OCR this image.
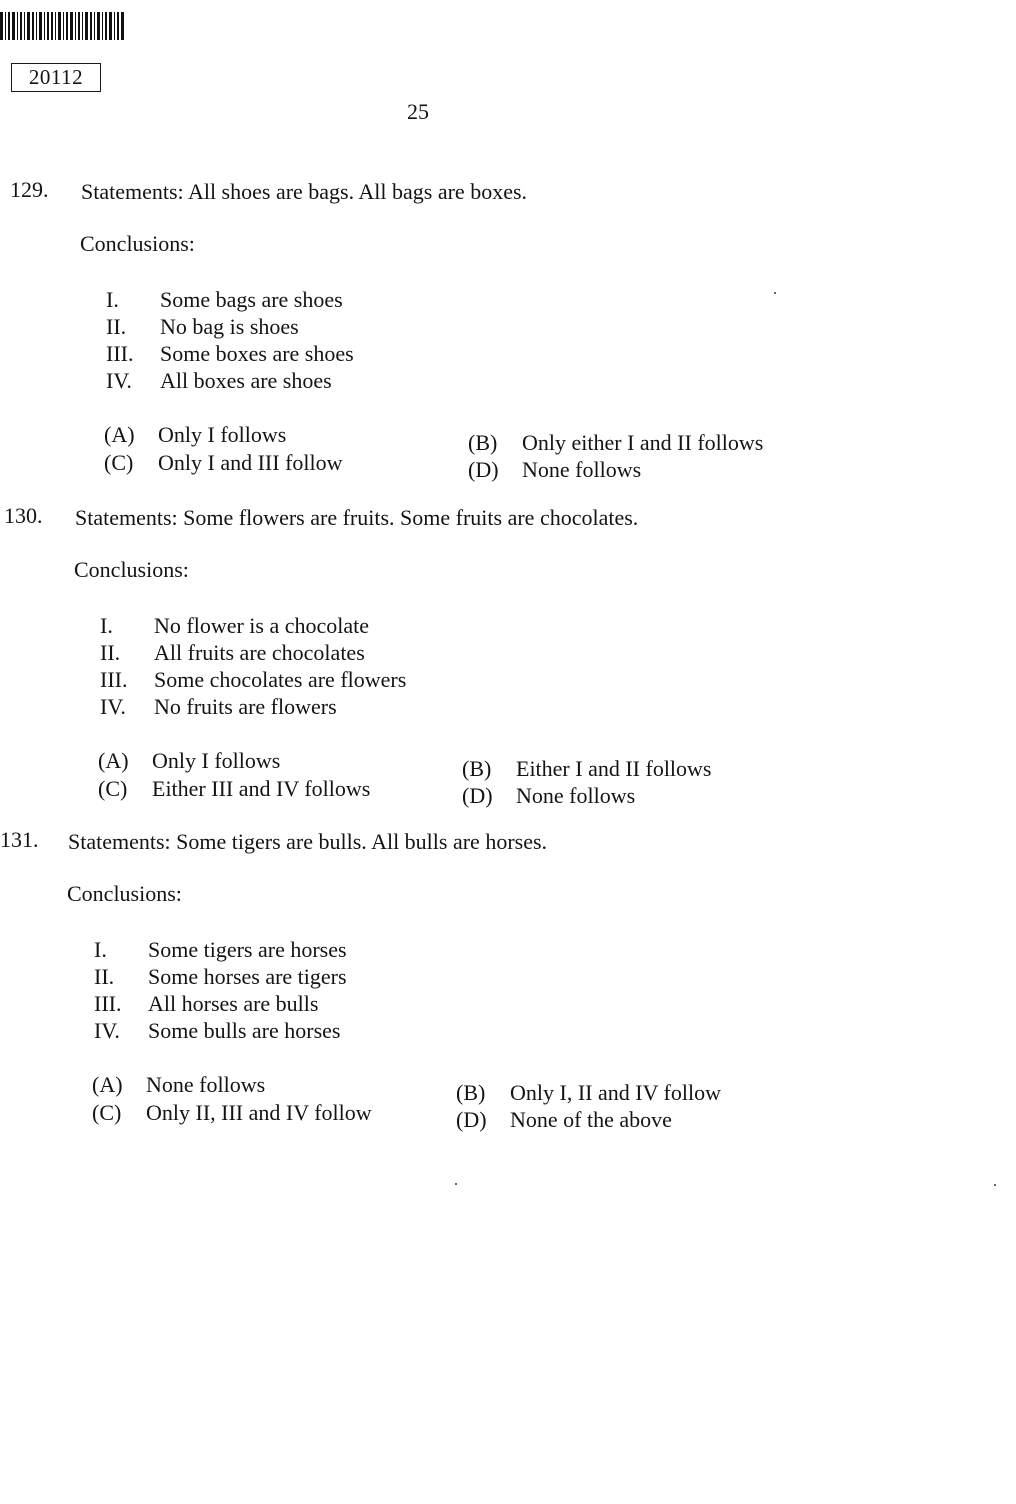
20112
25
129. Statements: All shoes are bags. All bags are boxes.
Conclusions:
I. Some bags are shoes
II. No bag is shoes
III. Some boxes are shoes
IV. All boxes are shoes
(A) Only I follows	(B) Only either I and II follows
(C) Only I and III follow	(D) None follows
130. Statements: Some flowers are fruits. Some fruits are chocolates.
Conclusions:
I. No flower is a chocolate
II. All fruits are chocolates
III. Some chocolates are flowers
IV. No fruits are flowers
(A) Only I follows	(B) Either I and II follows
(C) Either III and IV follows	(D) None follows
131. Statements: Some tigers are bulls. All bulls are horses.
Conclusions:
I. Some tigers are horses
II. Some horses are tigers
III. All horses are bulls
IV. Some bulls are horses
(A) None follows	(B) Only I, II and IV follow
(C) Only II, III and IV follow	(D) None of the above
